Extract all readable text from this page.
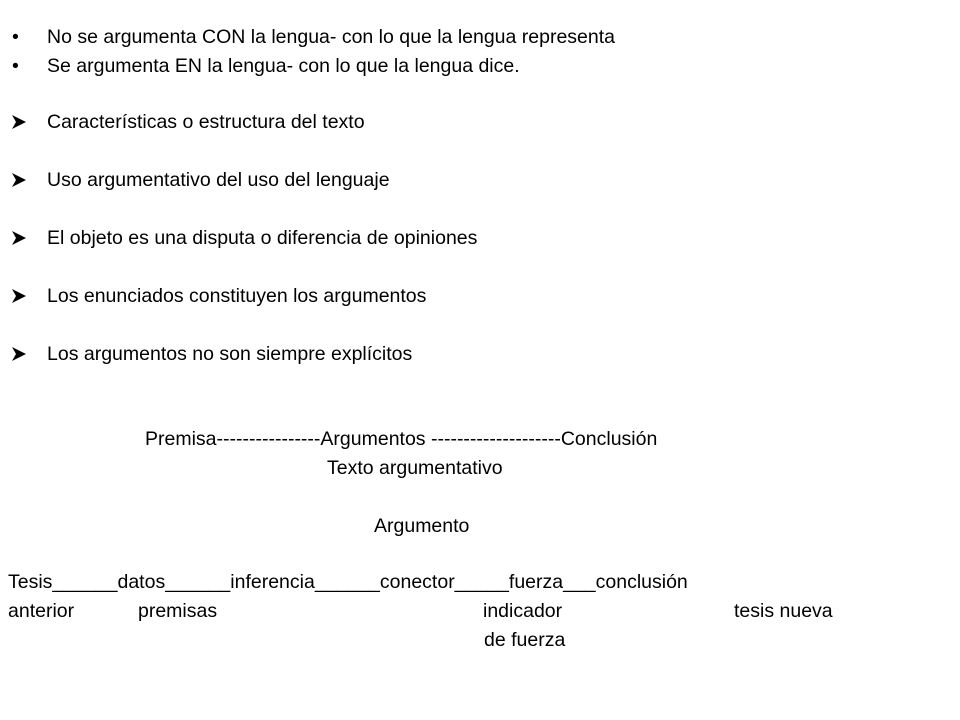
• No se argumenta CON la lengua- con lo que la lengua representa
• Se argumenta EN la lengua- con lo que la lengua dice.
Características o estructura del texto
Uso argumentativo del uso del lenguaje
El objeto es una disputa o diferencia de opiniones
Los enunciados constituyen los argumentos
Los argumentos no son siempre explícitos
Premisa----------------Argumentos --------------------Conclusión
Texto argumentativo
Argumento
Tesis______datos______inferencia______conector_____fuerza___conclusión
anterior	premisas	indicador	tesis nueva
de fuerza
